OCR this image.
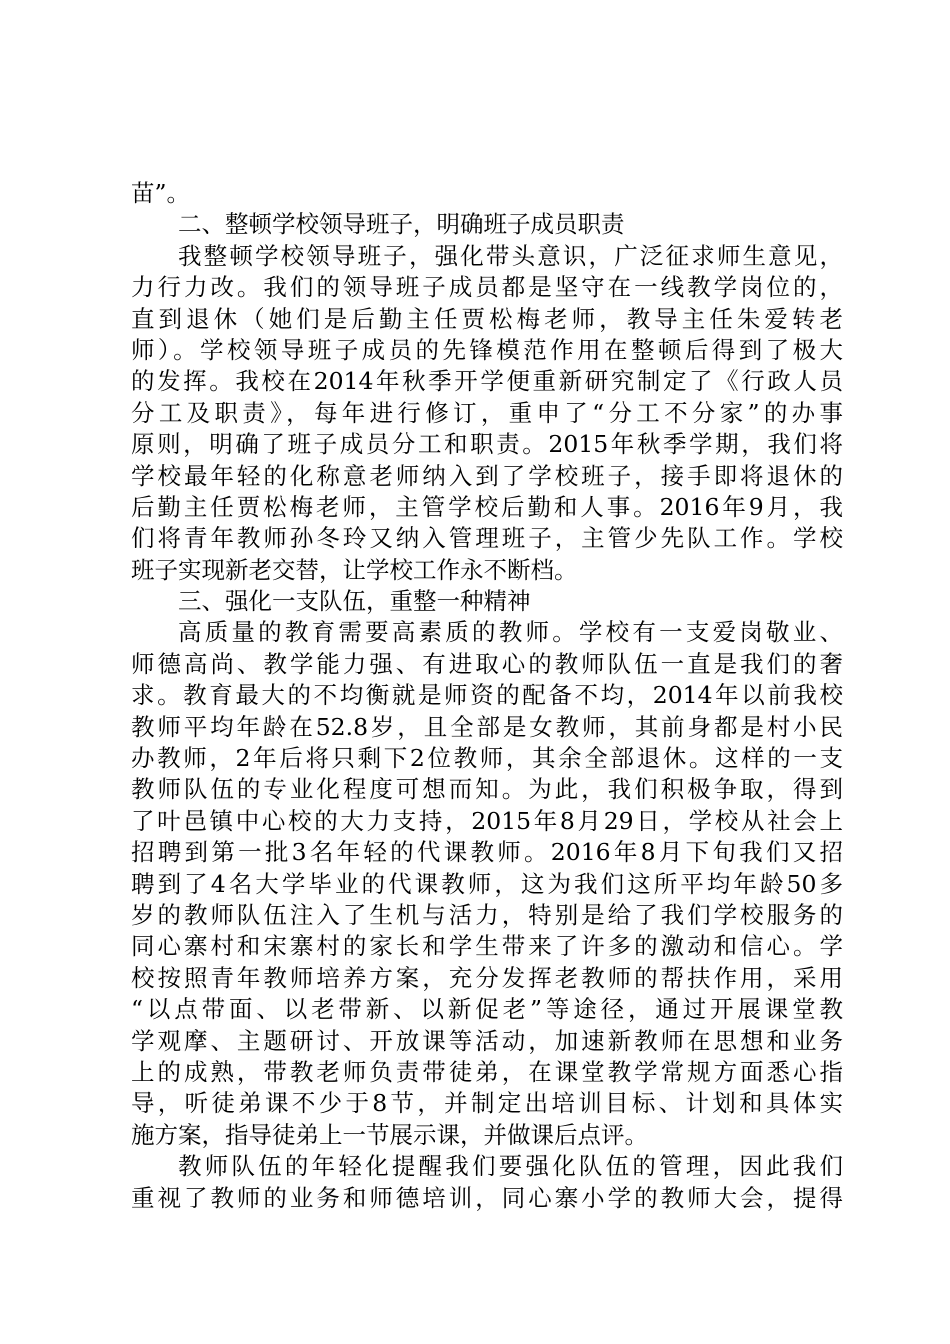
苗”。
二、整顿学校领导班子，明确班子成员职责
我整顿学校领导班子，强化带头意识，广泛征求师生意见，
力行力改。我们的领导班子成员都是坚守在一线教学岗位的，
直到退休（她们是后勤主任贾松梅老师，教导主任朱爱转老
师）。学校领导班子成员的先锋模范作用在整顿后得到了极大
的发挥。我校在2014年秋季开学便重新研究制定了《行政人员
分工及职责》，每年进行修订，重申了“分工不分家”的办事
原则，明确了班子成员分工和职责。2015年秋季学期，我们将
学校最年轻的化称意老师纳入到了学校班子，接手即将退休的
后勤主任贾松梅老师，主管学校后勤和人事。2016年9月，我
们将青年教师孙冬玲又纳入管理班子，主管少先队工作。学校
班子实现新老交替，让学校工作永不断档。
三、强化一支队伍，重整一种精神
高质量的教育需要高素质的教师。学校有一支爱岗敬业、
师德高尚、教学能力强、有进取心的教师队伍一直是我们的奢
求。教育最大的不均衡就是师资的配备不均，2014年以前我校
教师平均年龄在52.8岁，且全部是女教师，其前身都是村小民
办教师，2年后将只剩下2位教师，其余全部退休。这样的一支
教师队伍的专业化程度可想而知。为此，我们积极争取，得到
了叶邑镇中心校的大力支持，2015年8月29日，学校从社会上
招聘到第一批3名年轻的代课教师。2016年8月下旬我们又招
聘到了4名大学毕业的代课教师，这为我们这所平均年龄50多
岁的教师队伍注入了生机与活力，特别是给了我们学校服务的
同心寨村和宋寨村的家长和学生带来了许多的激动和信心。学
校按照青年教师培养方案，充分发挥老教师的帮扶作用，采用
“以点带面、以老带新、以新促老”等途径，通过开展课堂教
学观摩、主题研讨、开放课等活动，加速新教师在思想和业务
上的成熟，带教老师负责带徒弟，在课堂教学常规方面悉心指
导，听徒弟课不少于8节，并制定出培训目标、计划和具体实
施方案，指导徒弟上一节展示课，并做课后点评。
教师队伍的年轻化提醒我们要强化队伍的管理，因此我们
重视了教师的业务和师德培训，同心寨小学的教师大会，提得
